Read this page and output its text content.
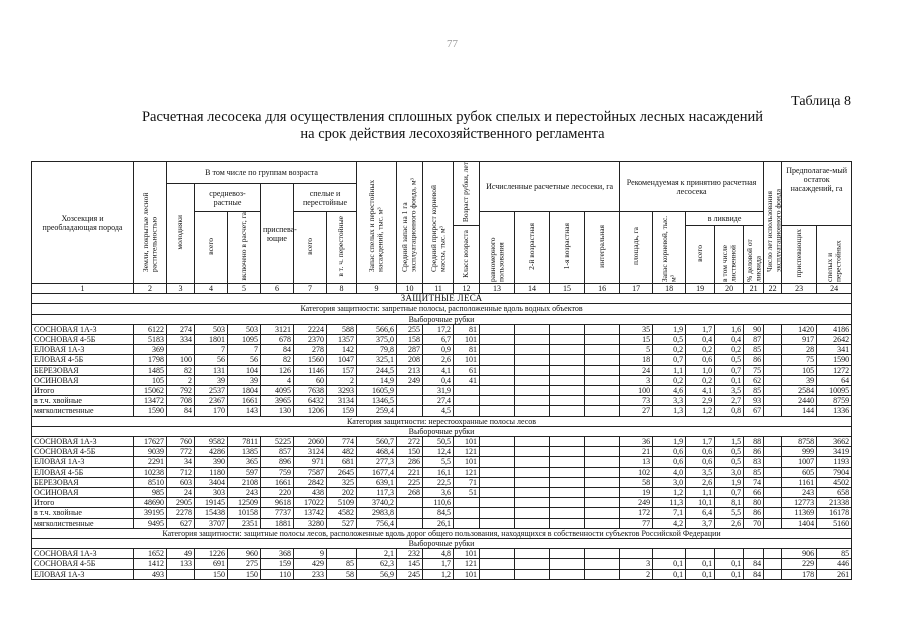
77
Таблица 8
Расчетная лесосека для осуществления сплошных рубок спелых и перестойных лесных насаждений
на срок действия лесохозяйственного регламента
Хозсекция и преобладающая порода	Земли, покрытые лесной растительностью	В том числе по группам возраста						Запас спелых и перестойных насаждений, тыс. м³	Средний запас на 1 га эксплуатационного фонда, м³	Средний прирост корневой массы, тыс. м³	Возраст рубки, лет	Исчисленные расчетные лесосеки, га				Рекомендуемая к принятию расчетная лесосека					Число лет использования эксплуатационного фонда	Предполагае-мый остаток насаждений, га	
		молодняки	средневоз-растные		приспева-ющие	спелые и перестойные																	
			всего	включено в расчет, га		всего	в т. ч. перестойные					равномерного пользования	2-й возрастная	1-я возрастная	интегральная	площадь, га	Запас корневой, тыс. м³	в ликвиде					
											Класс возраста							всего	в том числе лиственной	% деловой от ликвида		приспевающих	спелых и перестойных
1	2	3	4	5	6	7	8	9	10	11	12	13	14	15	16	17	18	19	20	21	22	23	24
ЗАЩИТНЫЕ ЛЕСА																							
Категория защитности: запретные полосы, расположенные вдоль водных объектов																							
Выборочные рубки																							
СОСНОВАЯ 1А-3	6122	274	503	503	3121	2224	588	566,6	255	17,2	81					35	1,9	1,7	1,6	90		1420	4186
СОСНОВАЯ 4-5Б	5183	334	1801	1095	678	2370	1357	375,0	158	6,7	101					15	0,5	0,4	0,4	87		917	2642
ЕЛОВАЯ 1А-3	369		7	7	84	278	142	79,8	287	0,9	81					5	0,2	0,2	0,2	85		28	341
ЕЛОВАЯ 4-5Б	1798	100	56	56	82	1560	1047	325,1	208	2,6	101					18	0,7	0,6	0,5	86		75	1590
БЕРЕЗОВАЯ	1485	82	131	104	126	1146	157	244,5	213	4,1	61					24	1,1	1,0	0,7	75		105	1272
ОСИНОВАЯ	105	2	39	39	4	60	2	14,9	249	0,4	41					3	0,2	0,2	0,1	62		39	64
Итого	15062	792	2537	1804	4095	7638	3293	1605,9		31,9						100	4,6	4,1	3,5	85		2584	10095
в т.ч. хвойные	13472	708	2367	1661	3965	6432	3134	1346,5		27,4						73	3,3	2,9	2,7	93		2440	8759
мягколиственные	1590	84	170	143	130	1206	159	259,4		4,5						27	1,3	1,2	0,8	67		144	1336
Категория защитности: нерестоохранные полосы лесов																							
Выборочные рубки																							
СОСНОВАЯ 1А-3	17627	760	9582	7811	5225	2060	774	560,7	272	50,5	101					36	1,9	1,7	1,5	88		8758	3662
СОСНОВАЯ 4-5Б	9039	772	4286	1385	857	3124	482	468,4	150	12,4	121					21	0,6	0,6	0,5	86		999	3419
ЕЛОВАЯ 1А-3	2291	34	390	365	896	971	681	277,3	286	5,5	101					13	0,6	0,6	0,5	83		1007	1193
ЕЛОВАЯ 4-5Б	10238	712	1180	597	759	7587	2645	1677,4	221	16,1	121					102	4,0	3,5	3,0	85		605	7904
БЕРЕЗОВАЯ	8510	603	3404	2108	1661	2842	325	639,1	225	22,5	71					58	3,0	2,6	1,9	74		1161	4502
ОСИНОВАЯ	985	24	303	243	220	438	202	117,3	268	3,6	51					19	1,2	1,1	0,7	66		243	658
Итого	48690	2905	19145	12509	9618	17022	5109	3740,2		110,6						249	11,3	10,1	8,1	80		12773	21338
в т.ч. хвойные	39195	2278	15438	10158	7737	13742	4582	2983,8		84,5						172	7,1	6,4	5,5	86		11369	16178
мягколиственные	9495	627	3707	2351	1881	3280	527	756,4		26,1						77	4,2	3,7	2,6	70		1404	5160
Категория защитности: защитные полосы лесов, расположенные вдоль дорог общего пользования, находящихся в собственности субъектов Российской Федерации																							
Выборочные рубки																							
СОСНОВАЯ 1А-3	1652	49	1226	960	368	9		2,1	232	4,8	101											906	85
СОСНОВАЯ 4-5Б	1412	133	691	275	159	429	85	62,3	145	1,7	121					3	0,1	0,1	0,1	84		229	446
ЕЛОВАЯ 1А-3	493		150	150	110	233	58	56,9	245	1,2	101					2	0,1	0,1	0,1	84		178	261
